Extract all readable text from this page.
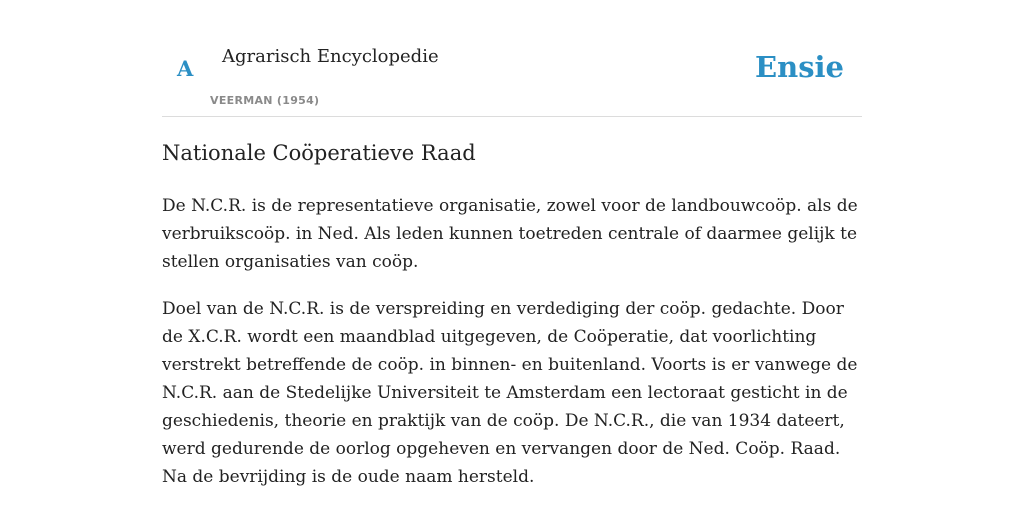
A Agrarisch Encyclopedie
VEERMAN (1954)
Ensie
Nationale Coöperatieve Raad

De N.C.R. is de representatieve organisatie, zowel voor de landbouwcoöp. als de verbruikscoöp. in Ned. Als leden kunnen toetreden centrale of daarmee gelijk te stellen organisaties van coöp.

Doel van de N.C.R. is de verspreiding en verdediging der coöp. gedachte. Door de X.C.R. wordt een maandblad uitgegeven, de Coöperatie, dat voorlichting verstrekt betreffende de coöp. in binnen- en buitenland. Voorts is er vanwege de N.C.R. aan de Stedelijke Universiteit te Amsterdam een lectoraat gesticht in de geschiedenis, theorie en praktijk van de coöp. De N.C.R., die van 1934 dateert, werd gedurende de oorlog opgeheven en vervangen door de Ned. Coöp. Raad. Na de bevrijding is de oude naam hersteld.
